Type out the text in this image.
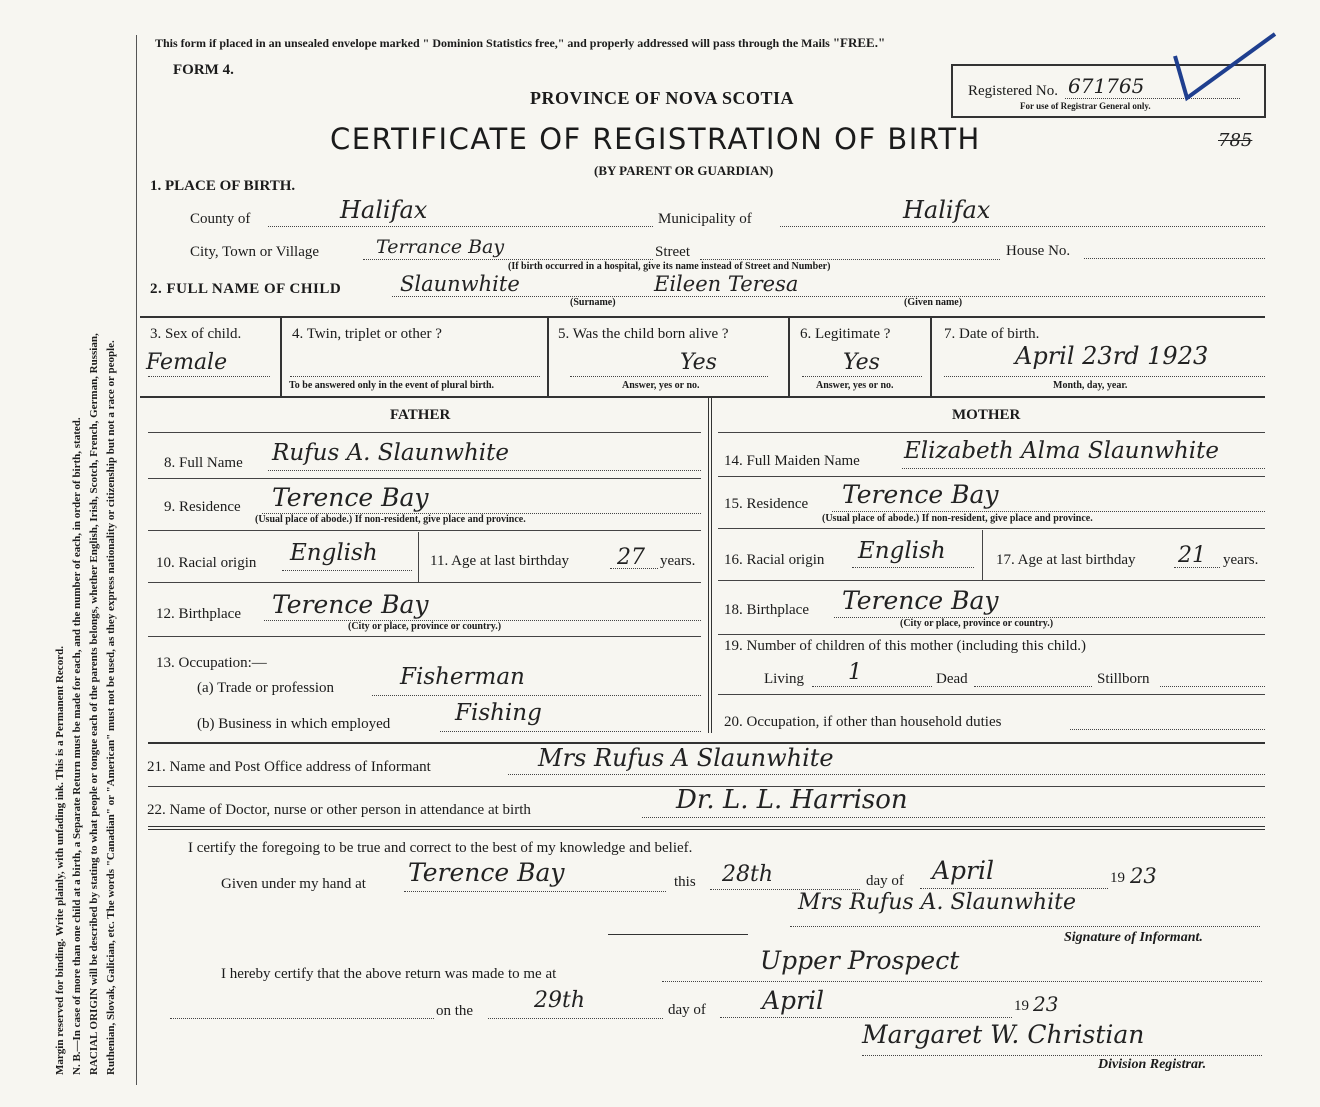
Margin reserved for binding. Write plainly, with unfading ink. This is a Permanent Record. N. B.—In case of more than one child at a birth, a Separate Return must be made for each, and the number of each, in order of birth, stated. RACIAL ORIGIN will be described by stating to what people or tongue each of the parents belongs, whether English, Irish, Scotch, French, German, Russian, Ruthenian, Slovak, Galician, etc. The words "Canadian" or "American" must not be used, as they express nationality or citizenship but not a race or people.
This form if placed in an unsealed envelope marked " Dominion Statistics free," and properly addressed will pass through the Mails "FREE."
FORM 4.
PROVINCE OF NOVA SCOTIA
CERTIFICATE OF REGISTRATION OF BIRTH
(BY PARENT OR GUARDIAN)
Registered No. 671765
For use of Registrar General only.
785
1. PLACE OF BIRTH.
County of	Halifax	Municipality of	Halifax
City, Town or Village	Terrance Bay	Street	House No.
(If birth occurred in a hospital, give its name instead of Street and Number)
2. FULL NAME OF CHILD	Slaunwhite	Eileen Teresa
(Surname)	(Given name)
3. Sex of child.
Female
4. Twin, triplet or other ?
To be answered only in the event of plural birth.
5. Was the child born alive ?
Yes
Answer, yes or no.
6. Legitimate ?
Yes
Answer, yes or no.
7. Date of birth.
April 23rd 1923
Month, day, year.
FATHER	MOTHER
8. Full Name Rufus A. Slaunwhite
9. Residence Terence Bay
(Usual place of abode.) If non-resident, give place and province.
10. Racial origin English	11. Age at last birthday 27 years.
12. Birthplace Terence Bay
(City or place, province or country.)
13. Occupation:—
(a) Trade or profession	Fisherman
(b) Business in which employed	Fishing
14. Full Maiden Name Elizabeth Alma Slaunwhite
15. Residence Terence Bay
(Usual place of abode.) If non-resident, give place and province.
16. Racial origin English	17. Age at last birthday 21 years.
18. Birthplace Terence Bay
(City or place, province or country.)
19. Number of children of this mother (including this child.)
Living 1	Dead	Stillborn
20. Occupation, if other than household duties
21. Name and Post Office address of Informant	Mrs Rufus A Slaunwhite
22. Name of Doctor, nurse or other person in attendance at birth	Dr. L. L. Harrison
I certify the foregoing to be true and correct to the best of my knowledge and belief.
Given under my hand at Terence Bay	this 28th	day of April	19 23
Mrs Rufus A. Slaunwhite
Signature of Informant.
I hereby certify that the above return was made to me at	Upper Prospect
on the	29th	day of April	19 23
Margaret W. Christian
Division Registrar.
